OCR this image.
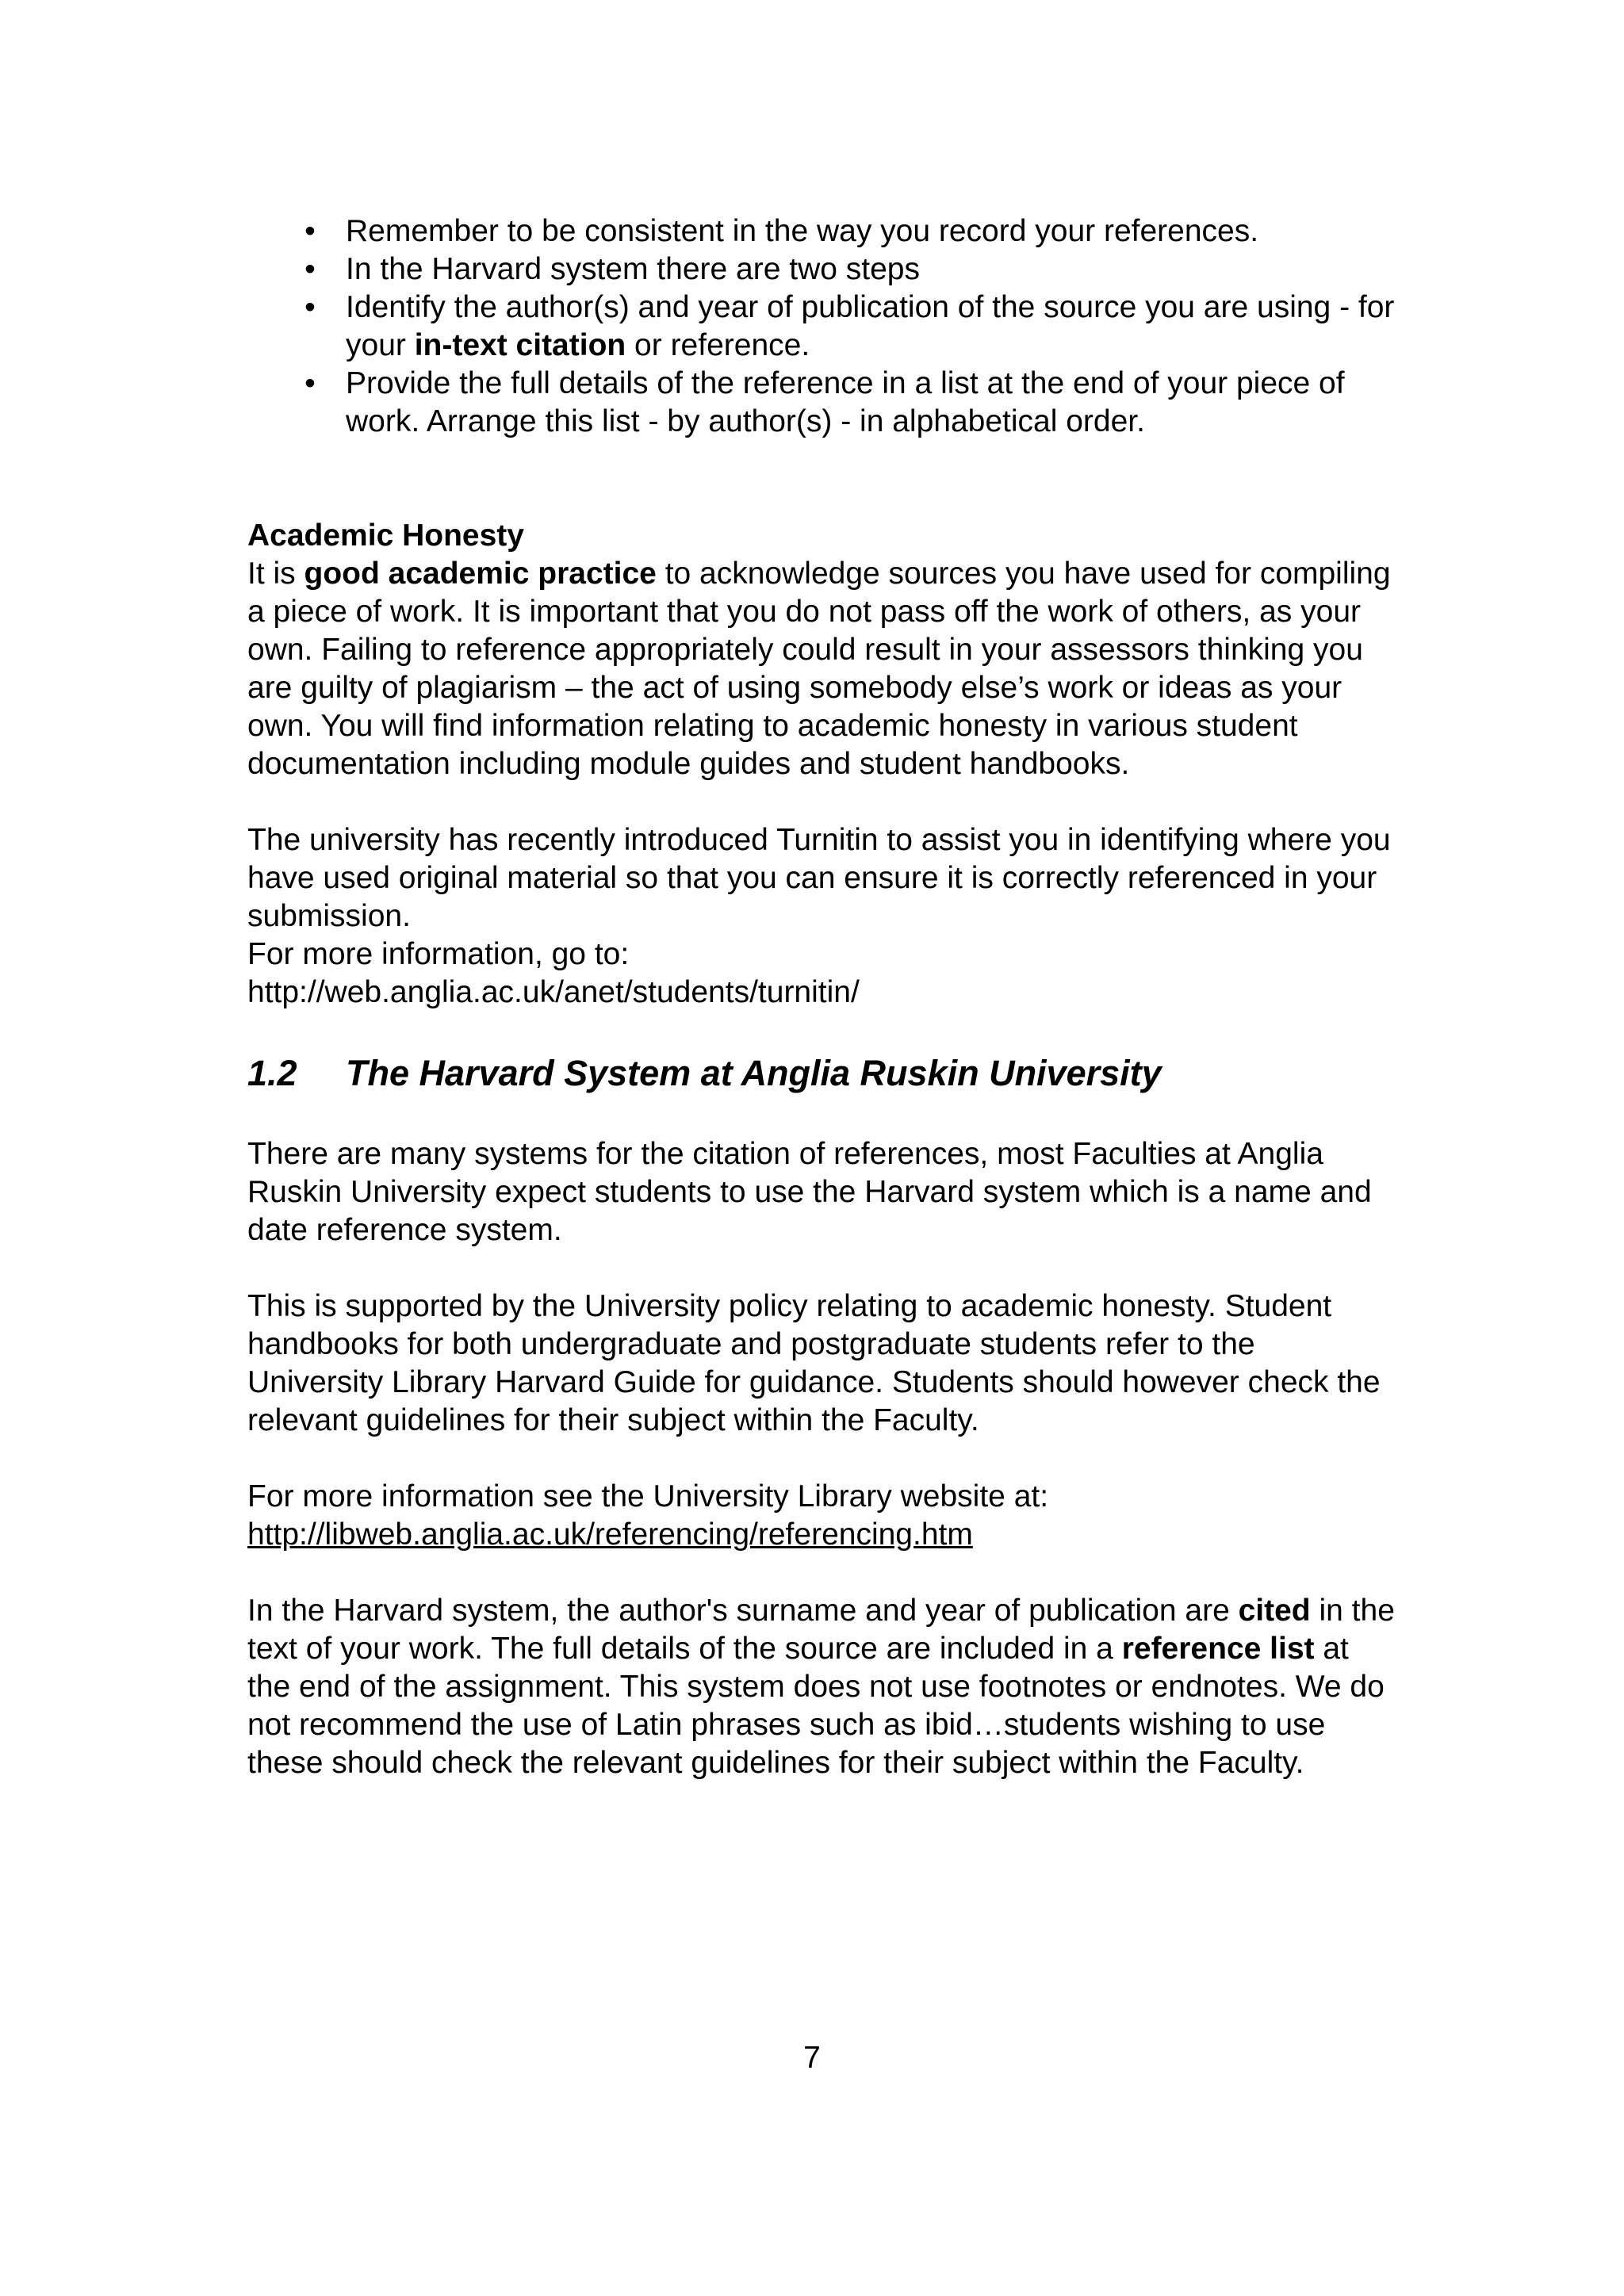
• Remember to be consistent in the way you record your references.
• In the Harvard system there are two steps
• Identify the author(s) and year of publication of the source you are using - for your in-text citation or reference.
• Provide the full details of the reference in a list at the end of your piece of work. Arrange this list - by author(s) - in alphabetical order.

Academic Honesty

It is good academic practice to acknowledge sources you have used for compiling a piece of work. It is important that you do not pass off the work of others, as your own. Failing to reference appropriately could result in your assessors thinking you are guilty of plagiarism – the act of using somebody else’s work or ideas as your own. You will find information relating to academic honesty in various student documentation including module guides and student handbooks.

The university has recently introduced Turnitin to assist you in identifying where you have used original material so that you can ensure it is correctly referenced in your submission.

For more information, go to:

http://web.anglia.ac.uk/anet/students/turnitin/

1.2	The Harvard System at Anglia Ruskin University

There are many systems for the citation of references, most Faculties at Anglia Ruskin University expect students to use the Harvard system which is a name and date reference system.

This is supported by the University policy relating to academic honesty. Student handbooks for both undergraduate and postgraduate students refer to the University Library Harvard Guide for guidance. Students should however check the relevant guidelines for their subject within the Faculty.

For more information see the University Library website at:

http://libweb.anglia.ac.uk/referencing/referencing.htm

In the Harvard system, the author's surname and year of publication are cited in the text of your work. The full details of the source are included in a reference list at the end of the assignment. This system does not use footnotes or endnotes. We do not recommend the use of Latin phrases such as ibid…students wishing to use these should check the relevant guidelines for their subject within the Faculty.

7
